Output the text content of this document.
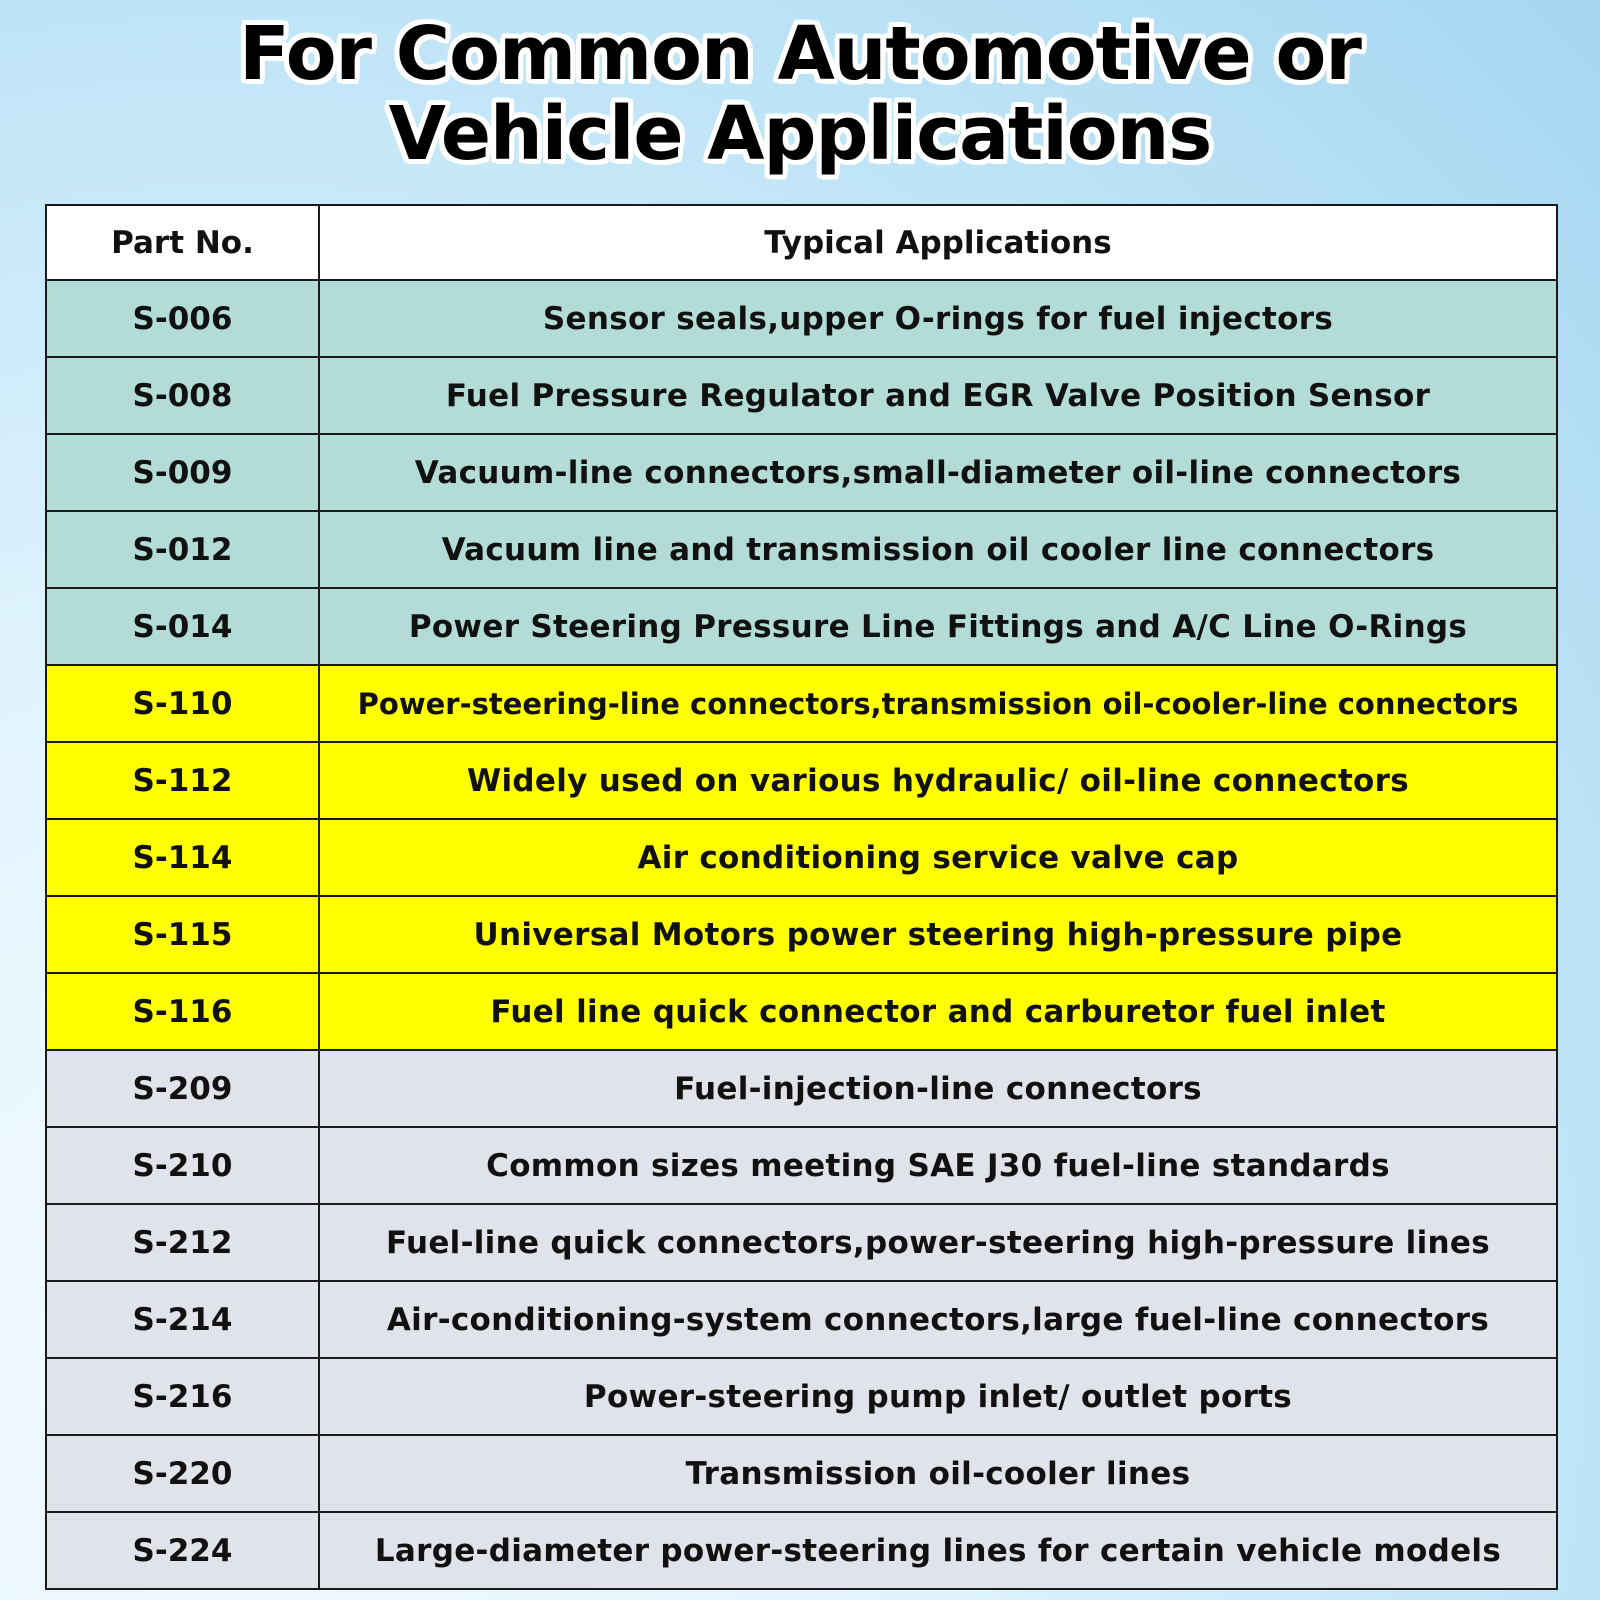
For Common Automotive or
Vehicle Applications
Part No.	Typical Applications
S-006	Sensor seals,upper O-rings for fuel injectors
S-008	Fuel Pressure Regulator and EGR Valve Position Sensor
S-009	Vacuum-line connectors,small-diameter oil-line connectors
S-012	Vacuum line and transmission oil cooler line connectors
S-014	Power Steering Pressure Line Fittings and A/C Line O-Rings
S-110	Power-steering-line connectors,transmission oil-cooler-line connectors
S-112	Widely used on various hydraulic/ oil-line connectors
S-114	Air conditioning service valve cap
S-115	Universal Motors power steering high-pressure pipe
S-116	Fuel line quick connector and carburetor fuel inlet
S-209	Fuel-injection-line connectors
S-210	Common sizes meeting SAE J30 fuel-line standards
S-212	Fuel-line quick connectors,power-steering high-pressure lines
S-214	Air-conditioning-system connectors,large fuel-line connectors
S-216	Power-steering pump inlet/ outlet ports
S-220	Transmission oil-cooler lines
S-224	Large-diameter power-steering lines for certain vehicle models
